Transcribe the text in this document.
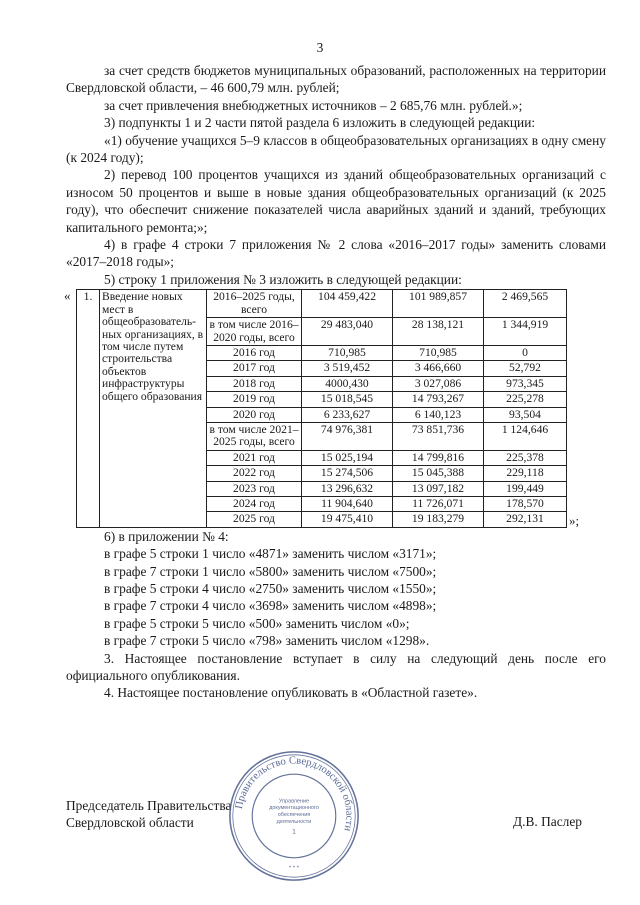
3

за счет средств бюджетов муниципальных образований, расположенных на территории Свердловской области, – 46 600,79 млн. рублей;

за счет привлечения внебюджетных источников – 2 685,76 млн. рублей.»;

3) подпункты 1 и 2 части пятой раздела 6 изложить в следующей редакции:

«1) обучение учащихся 5–9 классов в общеобразовательных организациях в одну смену (к 2024 году);

2) перевод 100 процентов учащихся из зданий общеобразовательных организаций с износом 50 процентов и выше в новые здания общеобразовательных организаций (к 2025 году), что обеспечит снижение показателей числа аварийных зданий и зданий, требующих капитального ремонта;»;

4) в графе 4 строки 7 приложения № 2 слова «2016–2017 годы» заменить словами «2017–2018 годы»;

5) строку 1 приложения № 3 изложить в следующей редакции:

«	1.	Введение новых мест в общеобразователь-ных организациях, в том числе путем строительства объектов инфраструктуры общего образования	2016–2025 годы, всего	104 459,422	101 989,857	2 469,565	»;
			в том числе 2016–2020 годы, всего	29 483,040	28 138,121	1 344,919	
			2016 год	710,985	710,985	0	
			2017 год	3 519,452	3 466,660	52,792	
			2018 год	4000,430	3 027,086	973,345	
			2019 год	15 018,545	14 793,267	225,278	
			2020 год	6 233,627	6 140,123	93,504	
			в том числе 2021–2025 годы, всего	74 976,381	73 851,736	1 124,646	
			2021 год	15 025,194	14 799,816	225,378	
			2022 год	15 274,506	15 045,388	229,118	
			2023 год	13 296,632	13 097,182	199,449	
			2024 год	11 904,640	11 726,071	178,570	
			2025 год	19 475,410	19 183,279	292,131	

6) в приложении № 4:

в графе 5 строки 1 число «4871» заменить числом «3171»;

в графе 7 строки 1 число «5800» заменить числом «7500»;

в графе 5 строки 4 число «2750» заменить числом «1550»;

в графе 7 строки 4 число «3698» заменить числом «4898»;

в графе 5 строки 5 число «500» заменить числом «0»;

в графе 7 строки 5 число «798» заменить числом «1298».

3. Настоящее постановление вступает в силу на следующий день после его официального опубликования.

4. Настоящее постановление опубликовать в «Областной газете».

Председатель Правительства
Свердловской области	Д.В. Паслер
Правительство Свердловской области
Управление
документационного
обеспечения
деятельности
1
* * *
